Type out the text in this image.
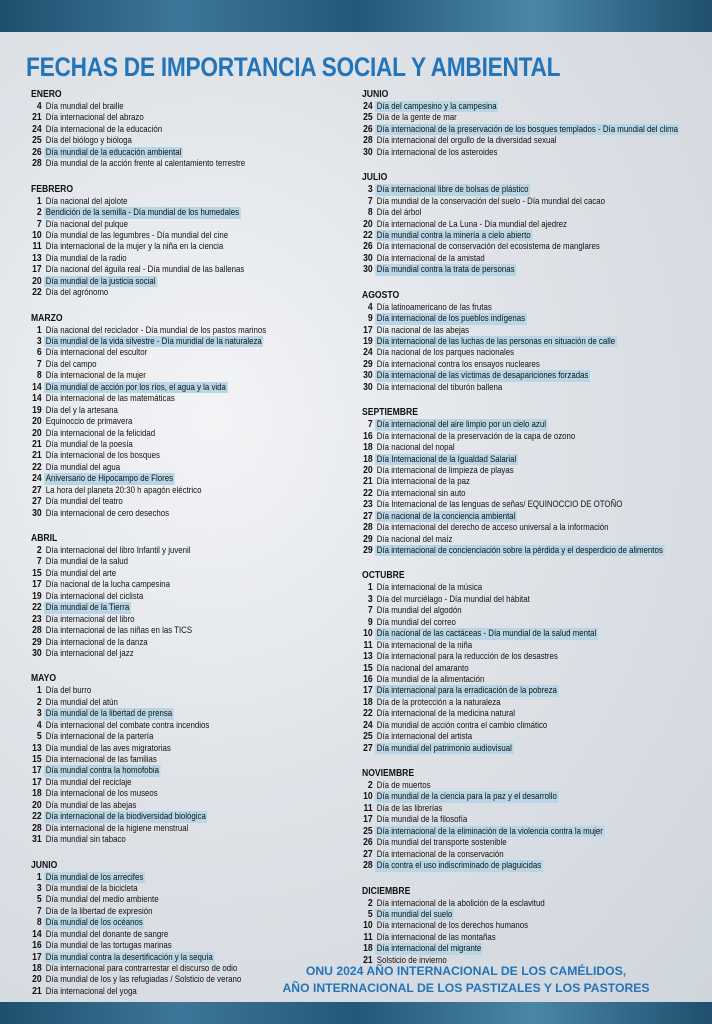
FECHAS DE IMPORTANCIA SOCIAL Y AMBIENTAL
ENERO
4 Día mundial del braille
21 Día internacional del abrazo
24 Día internacional de la educación
25 Día del biólogo y bióloga
26 Día mundial de la educación ambiental
28 Día mundial de la acción frente al calentamiento terrestre
FEBRERO
1 Día nacional del ajolote
2 Bendición de la semilla - Día mundial de los humedales
7 Día nacional del pulque
10 Día mundial de las legumbres - Día mundial del cine
11 Día internacional de la mujer y la niña en la ciencia
13 Día mundial de la radio
17 Día nacional del águila real - Día mundial de las ballenas
20 Día mundial de la justicia social
22 Día del agrónomo
MARZO
1 Día nacional del reciclador - Día mundial de los pastos marinos
3 Día mundial de la vida silvestre - Día mundial de la naturaleza
6 Día internacional del escultor
7 Día del campo
8 Día internacional de la mujer
14 Día mundial de acción por los ríos, el agua y la vida
14 Día internacional de las matemáticas
19 Día del y la artesana
20 Equinoccio de primavera
20 Día internacional de la felicidad
21 Día mundial de la poesía
21 Día internacional de los bosques
22 Día mundial del agua
24 Aniversario de Hipocampo de Flores
27 La hora del planeta 20:30 h apagón eléctrico
27 Día mundial del teatro
30 Día internacional de cero desechos
ABRIL
2 Día internacional del libro Infantil y juvenil
7 Día mundial de la salud
15 Día mundial del arte
17 Día nacional de la lucha campesina
19 Día internacional del ciclista
22 Día mundial de la Tierra
23 Día internacional del libro
28 Día internacional de las niñas en las TICS
29 Día internacional de la danza
30 Día internacional del jazz
MAYO
1 Día del burro
2 Día mundial del atún
3 Día mundial de la libertad de prensa
4 Día internacional del combate contra incendios
5 Día internacional de la partería
13 Día mundial de las aves migratorias
15 Día internacional de las familias
17 Día mundial contra la homofobia
17 Día mundial del reciclaje
18 Día internacional de los museos
20 Día mundial de las abejas
22 Día internacional de la biodiversidad biológica
28 Día internacional de la higiene menstrual
31 Día mundial sin tabaco
JUNIO
1 Día mundial de los arrecifes
3 Día mundial de la bicicleta
5 Día mundial del medio ambiente
7 Día de la libertad de expresión
8 Día mundial de los océanos
14 Día mundial del donante de sangre
16 Día mundial de las tortugas marinas
17 Día mundial contra la desertificación y la sequía
18 Día internacional para contrarrestar el discurso de odio
20 Día mundial de los y las refugiadas / Solsticio de verano
21 Día internacional del yoga
JUNIO
24 Día del campesino y la campesina
25 Día de la gente de mar
26 Día internacional de la preservación de los bosques templados - Día mundial del clima
28 Día internacional del orgullo de la diversidad sexual
30 Día internacional de los asteroides
JULIO
3 Día internacional libre de bolsas de plástico
7 Día mundial de la conservación del suelo - Día mundial del cacao
8 Día del árbol
20 Día internacional de La Luna - Día mundial del ajedrez
22 Día mundial contra la minería a cielo abierto
26 Día internacional de conservación del ecosistema de manglares
30 Día internacional de la amistad
30 Día mundial contra la trata de personas
AGOSTO
4 Día latinoamericano de las frutas
9 Día internacional de los pueblos indígenas
17 Día nacional de las abejas
19 Día internacional de las luchas de las personas en situación de calle
24 Día nacional de los parques nacionales
29 Día internacional contra los ensayos nucleares
30 Día internacional de las víctimas de desapariciones forzadas
30 Día internacional del tiburón ballena
SEPTIEMBRE
7 Día internacional del aire limpio por un cielo azul
16 Día internacional de la preservación de la capa de ozono
18 Día nacional del nopal
18 Día Internacional de la Igualdad Salarial
20 Día internacional de limpieza de playas
21 Día internacional de la paz
22 Día internacional sin auto
23 Día Internacional de las lenguas de señas/ EQUINOCCIO DE OTOÑO
27 Día nacional de la conciencia ambiental
28 Día internacional del derecho de acceso universal a la información
29 Día nacional del maíz
29 Día internacional de concienciación sobre la pérdida y el desperdicio de alimentos
OCTUBRE
1 Día internacional de la música
3 Día del murciélago - Día mundial del hábitat
7 Día mundial del algodón
9 Día mundial del correo
10 Día nacional de las cactáceas - Día mundial de la salud mental
11 Día internacional de la niña
13 Día internacional para la reducción de los desastres
15 Día nacional del amaranto
16 Día mundial de la alimentación
17 Día internacional para la erradicación de la pobreza
18 Día de la protección a la naturaleza
22 Día internacional de la medicina natural
24 Día mundial de acción contra el cambio climático
25 Día internacional del artista
27 Día mundial del patrimonio audiovisual
NOVIEMBRE
2 Día de muertos
10 Día mundial de la ciencia para la paz y el desarrollo
11 Día de las librerías
17 Día mundial de la filosofía
25 Día internacional de la eliminación de la violencia contra la mujer
26 Día mundial del transporte sostenible
27 Día internacional de la conservación
28 Día contra el uso indiscriminado de plaguicidas
DICIEMBRE
2 Día internacional de la abolición de la esclavitud
5 Día mundial del suelo
10 Día internacional de los derechos humanos
11 Día internacional de las montañas
18 Día internacional del migrante
21 Solsticio de invierno
ONU 2024 AÑO INTERNACIONAL DE LOS CAMÉLIDOS,
AÑO INTERNACIONAL DE LOS PASTIZALES Y LOS PASTORES
